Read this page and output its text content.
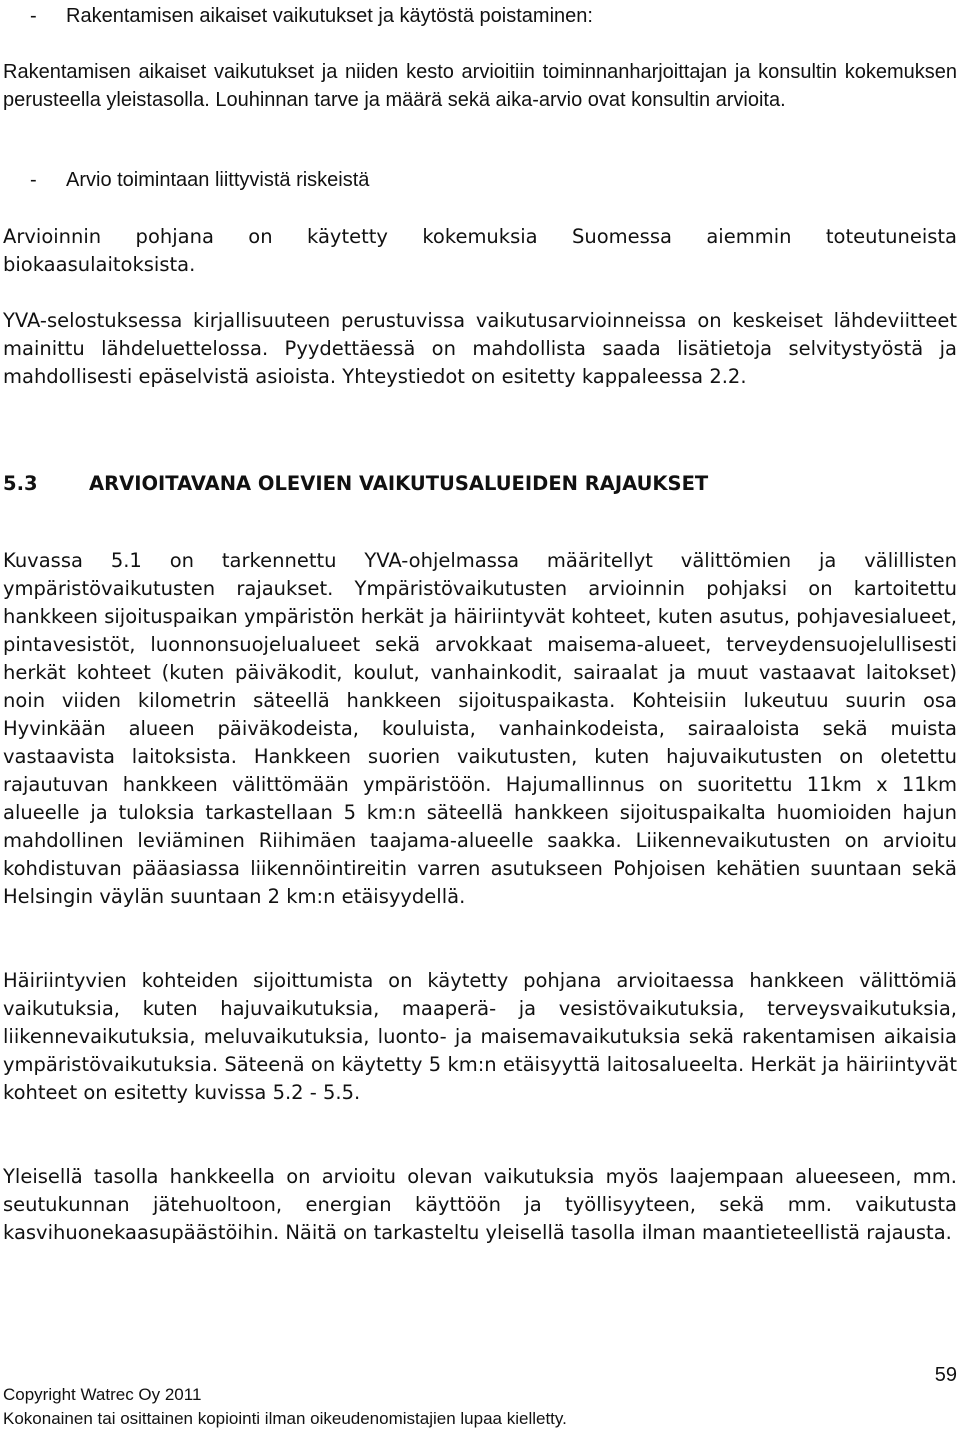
- Rakentamisen aikaiset vaikutukset ja käytöstä poistaminen:

Rakentamisen aikaiset vaikutukset ja niiden kesto arvioitiin toiminnanharjoittajan ja konsultin kokemuksen perusteella yleistasolla. Louhinnan tarve ja määrä sekä aika-arvio ovat konsultin arvioita.

- Arvio toimintaan liittyvistä riskeistä

Arvioinnin pohjana on käytetty kokemuksia Suomessa aiemmin toteutuneista biokaasulaitoksista.

YVA-selostuksessa kirjallisuuteen perustuvissa vaikutusarvioinneissa on keskeiset lähdeviitteet mainittu lähdeluettelossa. Pyydettäessä on mahdollista saada lisätietoja selvitystyöstä ja mahdollisesti epäselvistä asioista. Yhteystiedot on esitetty kappaleessa 2.2.

5.3	ARVIOITAVANA OLEVIEN VAIKUTUSALUEIDEN RAJAUKSET

Kuvassa 5.1 on tarkennettu YVA-ohjelmassa määritellyt välittömien ja välillisten ympäristövaikutusten rajaukset. Ympäristövaikutusten arvioinnin pohjaksi on kartoitettu hankkeen sijoituspaikan ympäristön herkät ja häiriintyvät kohteet, kuten asutus, pohjavesialueet, pintavesistöt, luonnonsuojelualueet sekä arvokkaat maisema-alueet, terveydensuojelullisesti herkät kohteet (kuten päiväkodit, koulut, vanhainkodit, sairaalat ja muut vastaavat laitokset) noin viiden kilometrin säteellä hankkeen sijoituspaikasta. Kohteisiin lukeutuu suurin osa Hyvinkään alueen päiväkodeista, kouluista, vanhainkodeista, sairaaloista sekä muista vastaavista laitoksista. Hankkeen suorien vaikutusten, kuten hajuvaikutusten on oletettu rajautuvan hankkeen välittömään ympäristöön. Hajumallinnus on suoritettu 11km x 11km alueelle ja tuloksia tarkastellaan 5 km:n säteellä hankkeen sijoituspaikalta huomioiden hajun mahdollinen leviäminen Riihimäen taajama-alueelle saakka. Liikennevaikutusten on arvioitu kohdistuvan pääasiassa liikennöintireitin varren asutukseen Pohjoisen kehätien suuntaan sekä Helsingin väylän suuntaan 2 km:n etäisyydellä.

Häiriintyvien kohteiden sijoittumista on käytetty pohjana arvioitaessa hankkeen välittömiä vaikutuksia, kuten hajuvaikutuksia, maaperä- ja vesistövaikutuksia, terveysvaikutuksia, liikennevaikutuksia, meluvaikutuksia, luonto- ja maisemavaikutuksia sekä rakentamisen aikaisia ympäristövaikutuksia. Säteenä on käytetty 5 km:n etäisyyttä laitosalueelta. Herkät ja häiriintyvät kohteet on esitetty kuvissa 5.2 - 5.5.

Yleisellä tasolla hankkeella on arvioitu olevan vaikutuksia myös laajempaan alueeseen, mm. seutukunnan jätehuoltoon, energian käyttöön ja työllisyyteen, sekä mm. vaikutusta kasvihuonekaasupäästöihin. Näitä on tarkasteltu yleisellä tasolla ilman maantieteellistä rajausta.

59
Copyright Watrec Oy 2011
Kokonainen tai osittainen kopiointi ilman oikeudenomistajien lupaa kielletty.
